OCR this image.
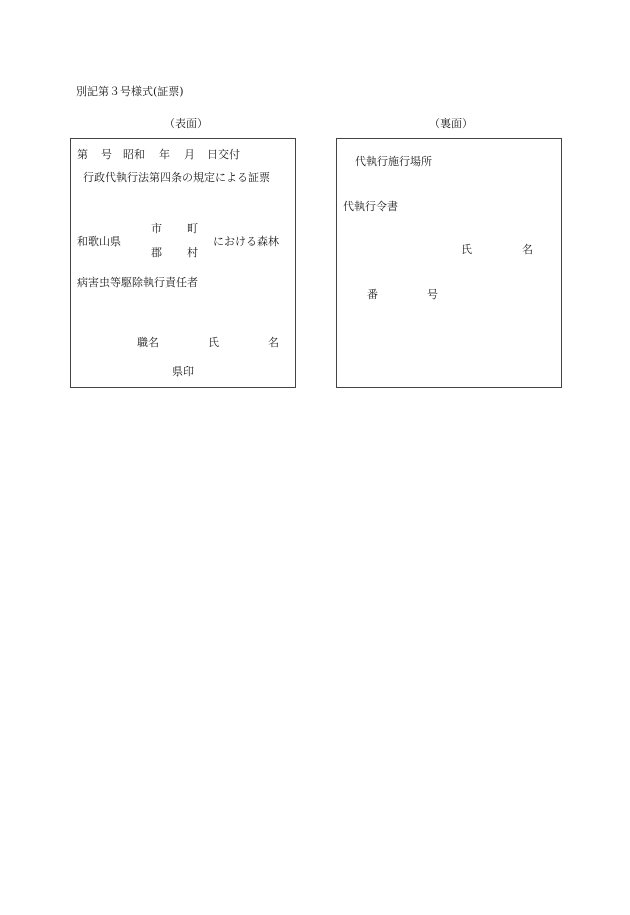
別記第３号様式(証票)
（表面）	（裏面）
第 号 昭和 年 月 日交付
行政代執行法第四条の規定による証票
市 町
和歌山県	における森林
郡 村
病害虫等駆除執行責任者
職名	氏	名
県印
代執行施行場所
代執行令書
氏	名
番	号
